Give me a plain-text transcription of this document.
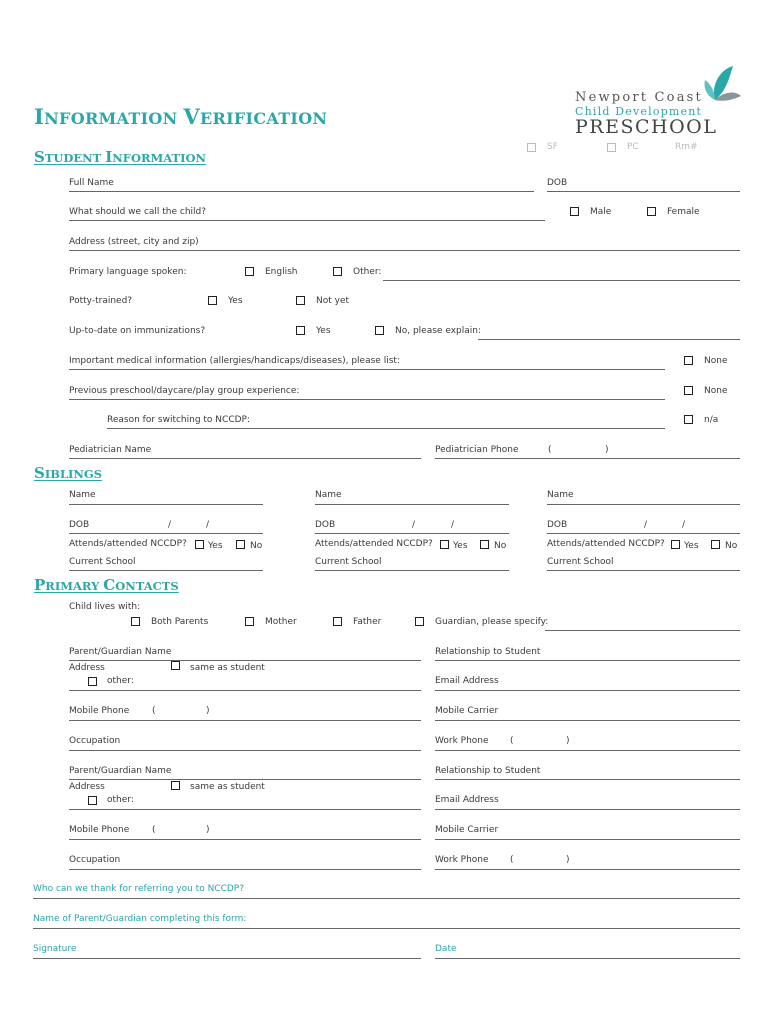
INFORMATION VERIFICATION
Newport Coast
Child Development
PRESCHOOL
SF	PC	Rm#
STUDENT INFORMATION
Full Name	DOB
What should we call the child?	Male	Female
Address (street, city and zip)
Primary language spoken:	English	Other:
Potty-trained?	Yes	Not yet
Up-to-date on immunizations?	Yes	No, please explain:
Important medical information (allergies/handicaps/diseases), please list:	None
Previous preschool/daycare/play group experience:	None
Reason for switching to NCCDP:	n/a
Pediatrician Name	Pediatrician Phone	(	)
SIBLINGS
Name
DOB	/	/
Attends/attended NCCDP? Yes	No
Current School
Name
DOB	/	/
Attends/attended NCCDP? Yes	No
Current School
Name
DOB	/	/
Attends/attended NCCDP? Yes	No
Current School
PRIMARY CONTACTS
Child lives with:
Both Parents	Mother	Father	Guardian, please specify:
Parent/Guardian Name	Relationship to Student
Address	same as student
other:	Email Address
Mobile Phone	(	)	Mobile Carrier
Occupation	Work Phone (	)
Parent/Guardian Name	Relationship to Student
Address	same as student
other:	Email Address
Mobile Phone	(	)	Mobile Carrier
Occupation	Work Phone (	)
Who can we thank for referring you to NCCDP?
Name of Parent/Guardian completing this form:
Signature	Date
